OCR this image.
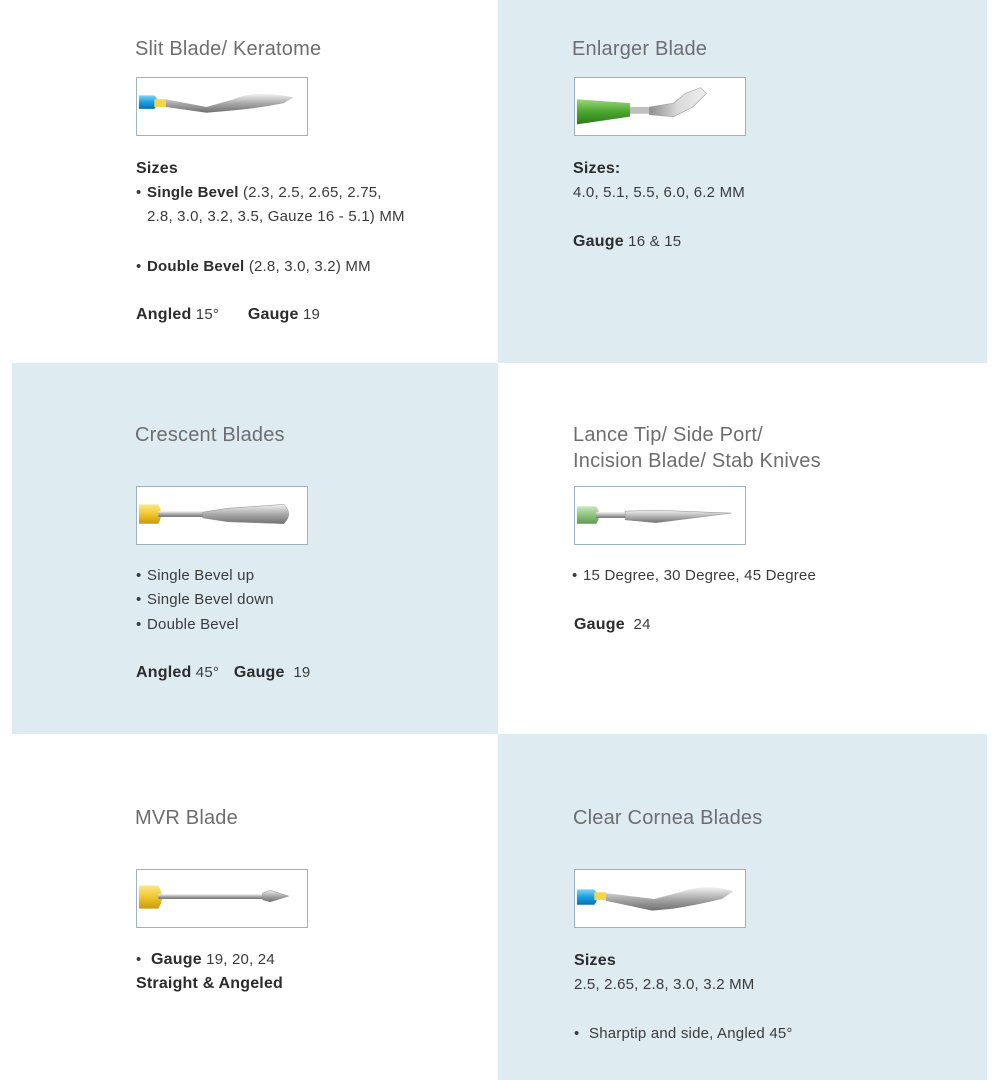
Slit Blade/ Keratome
Sizes
• Single Bevel (2.3, 2.5, 2.65, 2.75,
2.8, 3.0, 3.2, 3.5, Gauze 16 - 5.1) MM
• Double Bevel (2.8, 3.0, 3.2) MM
Angled 15° Gauge 19
Enlarger Blade
Sizes:
4.0, 5.1, 5.5, 6.0, 6.2 MM
Gauge 16 & 15
Crescent Blades
• Single Bevel up
• Single Bevel down
• Double Bevel
Angled 45° Gauge 19
Lance Tip/ Side Port/
Incision Blade/ Stab Knives
• 15 Degree, 30 Degree, 45 Degree
Gauge 24
MVR Blade
• Gauge 19, 20, 24
Straight & Angeled
Clear Cornea Blades
Sizes
2.5, 2.65, 2.8, 3.0, 3.2 MM
• Sharptip and side, Angled 45°
